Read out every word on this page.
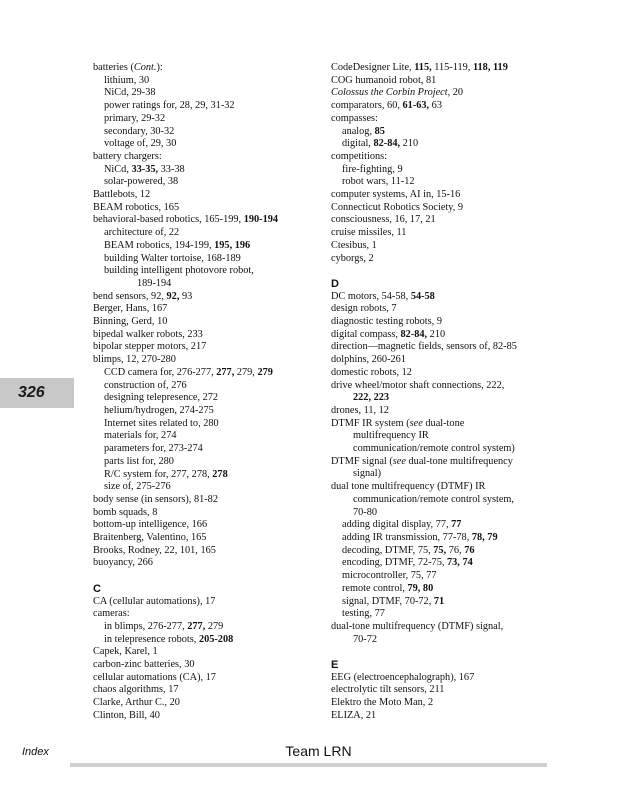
batteries (Cont.):
lithium, 30
NiCd, 29-38
power ratings for, 28, 29, 31-32
primary, 29-32
secondary, 30-32
voltage of, 29, 30
battery chargers:
NiCd, 33-35, 33-38
solar-powered, 38
Battlebots, 12
BEAM robotics, 165
behavioral-based robotics, 165-199, 190-194
architecture of, 22
BEAM robotics, 194-199, 195, 196
building Walter tortoise, 168-189
building intelligent photovore robot,
189-194
bend sensors, 92, 92, 93
Berger, Hans, 167
Binning, Gerd, 10
bipedal walker robots, 233
bipolar stepper motors, 217
blimps, 12, 270-280
CCD camera for, 276-277, 277, 279, 279
construction of, 276
designing telepresence, 272
helium/hydrogen, 274-275
Internet sites related to, 280
materials for, 274
parameters for, 273-274
parts list for, 280
R/C system for, 277, 278, 278
size of, 275-276
body sense (in sensors), 81-82
bomb squads, 8
bottom-up intelligence, 166
Braitenberg, Valentino, 165
Brooks, Rodney, 22, 101, 165
buoyancy, 266
C
CA (cellular automations), 17
cameras:
in blimps, 276-277, 277, 279
in telepresence robots, 205-208
Capek, Karel, 1
carbon-zinc batteries, 30
cellular automations (CA), 17
chaos algorithms, 17
Clarke, Arthur C., 20
Clinton, Bill, 40
CodeDesigner Lite, 115, 115-119, 118, 119
COG humanoid robot, 81
Colossus the Corbin Project, 20
comparators, 60, 61-63, 63
compasses:
analog, 85
digital, 82-84, 210
competitions:
fire-fighting, 9
robot wars, 11-12
computer systems, AI in, 15-16
Connecticut Robotics Society, 9
consciousness, 16, 17, 21
cruise missiles, 11
Ctesibus, 1
cyborgs, 2
D
DC motors, 54-58, 54-58
design robots, 7
diagnostic testing robots, 9
digital compass, 82-84, 210
direction—magnetic fields, sensors of, 82-85
dolphins, 260-261
domestic robots, 12
drive wheel/motor shaft connections, 222,
222, 223
drones, 11, 12
DTMF IR system (see dual-tone
multifrequency IR
communication/remote control system)
DTMF signal (see dual-tone multifrequency
signal)
dual tone multifrequency (DTMF) IR
communication/remote control system,
70-80
adding digital display, 77, 77
adding IR transmission, 77-78, 78, 79
decoding, DTMF, 75, 75, 76, 76
encoding, DTMF, 72-75, 73, 74
microcontroller, 75, 77
remote control, 79, 80
signal, DTMF, 70-72, 71
testing, 77
dual-tone multifrequency (DTMF) signal,
70-72
E
EEG (electroencephalograph), 167
electrolytic tilt sensors, 211
Elektro the Moto Man, 2
ELIZA, 21
326
Index	Team LRN
